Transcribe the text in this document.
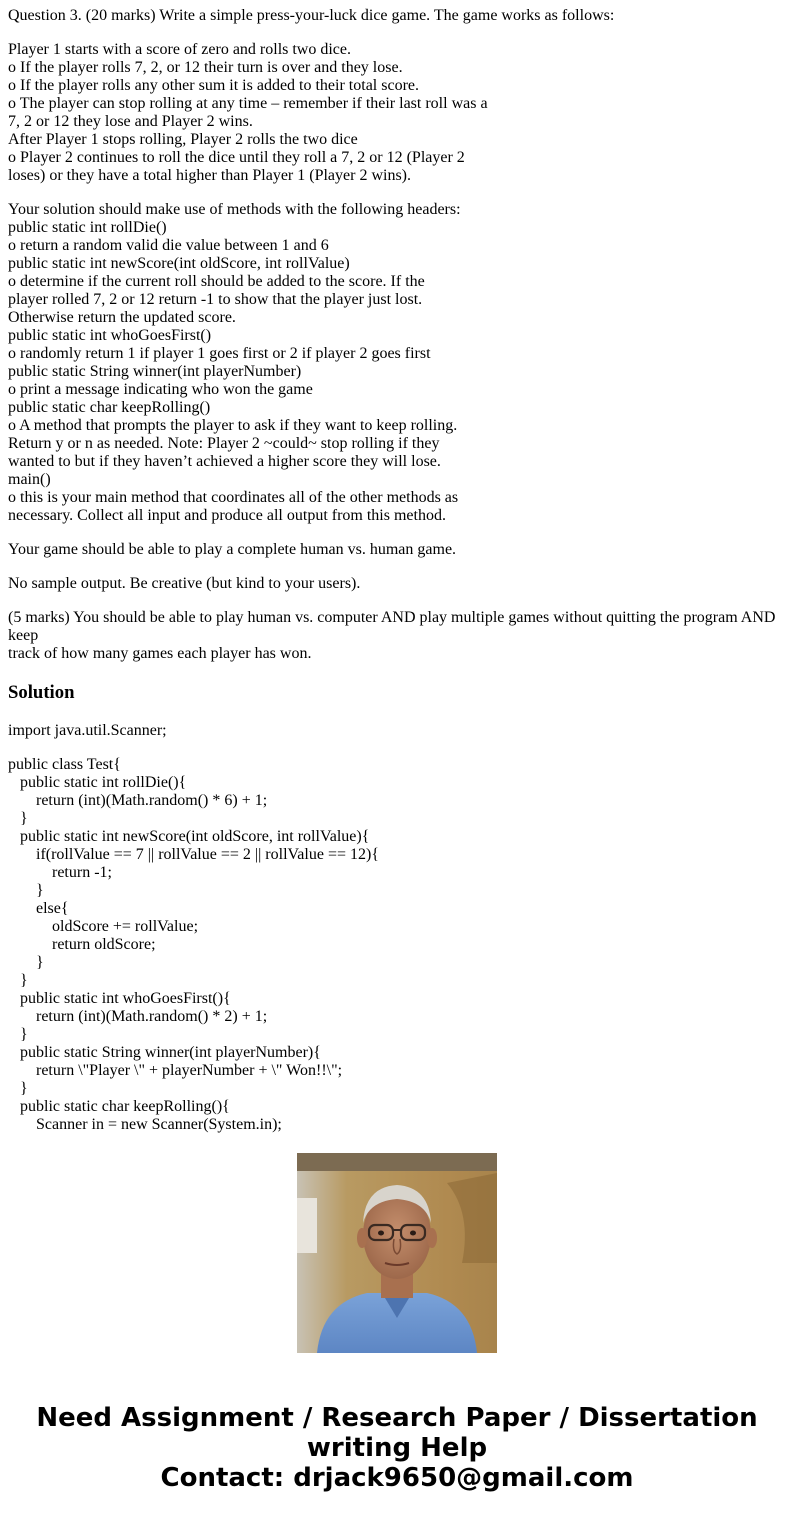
Question 3. (20 marks) Write a simple press-your-luck dice game. The game works as follows:
Player 1 starts with a score of zero and rolls two dice.
o If the player rolls 7, 2, or 12 their turn is over and they lose.
o If the player rolls any other sum it is added to their total score.
o The player can stop rolling at any time – remember if their last roll was a
7, 2 or 12 they lose and Player 2 wins.
After Player 1 stops rolling, Player 2 rolls the two dice
o Player 2 continues to roll the dice until they roll a 7, 2 or 12 (Player 2
loses) or they have a total higher than Player 1 (Player 2 wins).
Your solution should make use of methods with the following headers:
public static int rollDie()
o return a random valid die value between 1 and 6
public static int newScore(int oldScore, int rollValue)
o determine if the current roll should be added to the score. If the
player rolled 7, 2 or 12 return -1 to show that the player just lost.
Otherwise return the updated score.
public static int whoGoesFirst()
o randomly return 1 if player 1 goes first or 2 if player 2 goes first
public static String winner(int playerNumber)
o print a message indicating who won the game
public static char keepRolling()
o A method that prompts the player to ask if they want to keep rolling.
Return y or n as needed. Note: Player 2 ~could~ stop rolling if they
wanted to but if they haven’t achieved a higher score they will lose.
main()
o this is your main method that coordinates all of the other methods as
necessary. Collect all input and produce all output from this method.
Your game should be able to play a complete human vs. human game.
No sample output. Be creative (but kind to your users).
(5 marks) You should be able to play human vs. computer AND play multiple games without quitting the program AND keep
track of how many games each player has won.
Solution
import java.util.Scanner;
public class Test{
public static int rollDie(){
return (int)(Math.random() * 6) + 1;
}
public static int newScore(int oldScore, int rollValue){
if(rollValue == 7 || rollValue == 2 || rollValue == 12){
return -1;
}
else{
oldScore += rollValue;
return oldScore;
}
}
public static int whoGoesFirst(){
return (int)(Math.random() * 2) + 1;
}
public static String winner(int playerNumber){
return \"Player \" + playerNumber + \" Won!!\";
}
public static char keepRolling(){
Scanner in = new Scanner(System.in);
Need Assignment / Research Paper / Dissertation
writing Help
Contact: drjack9650@gmail.com
